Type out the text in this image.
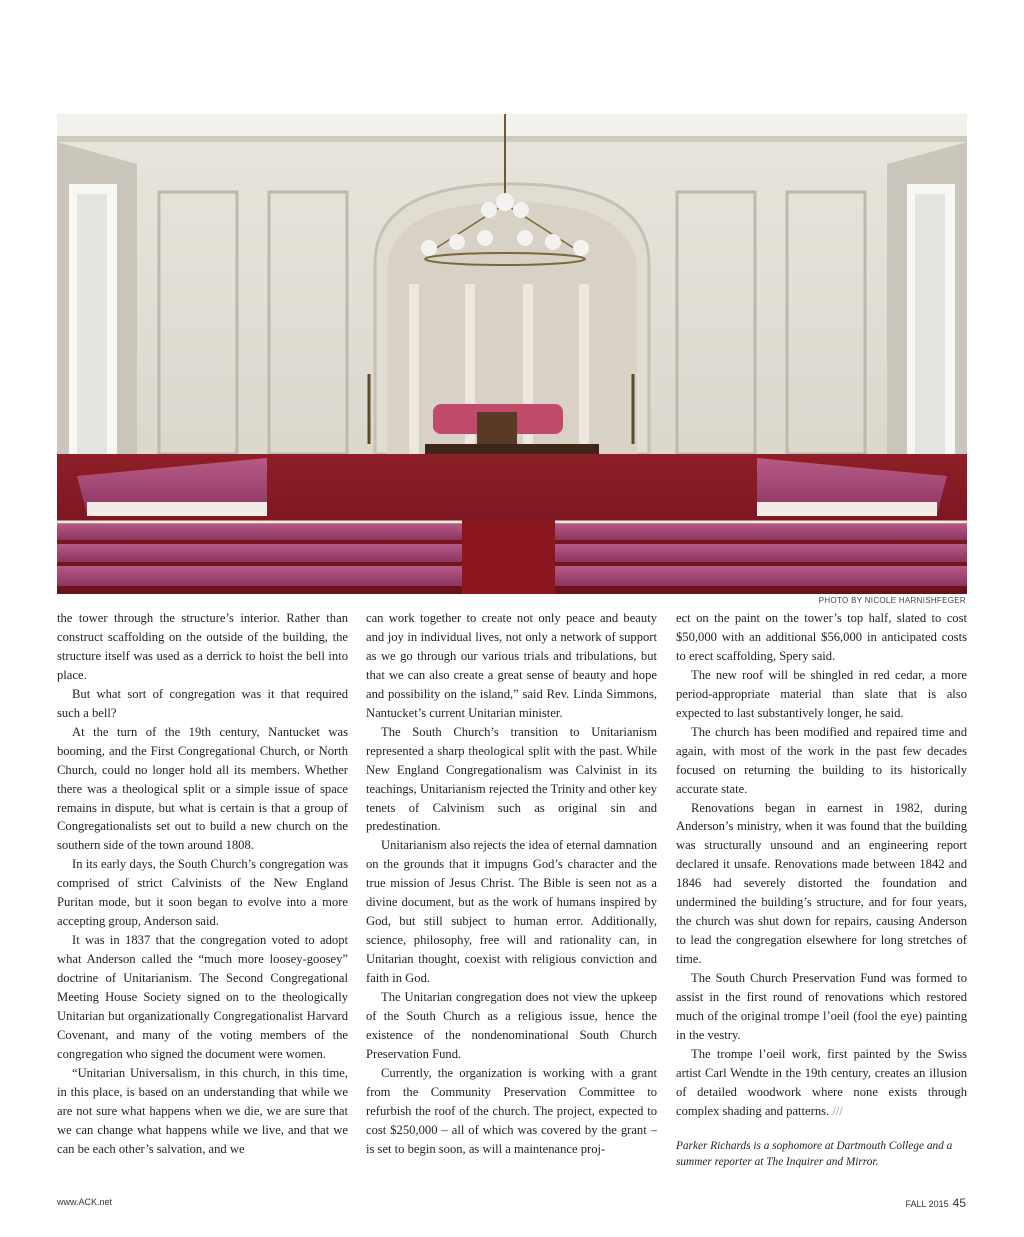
PHOTO BY NICOLE HARNISHFEGER

the tower through the structure’s interior. Rather than construct scaffolding on the outside of the building, the structure itself was used as a derrick to hoist the bell into place.

But what sort of congregation was it that required such a bell?

At the turn of the 19th century, Nantucket was booming, and the First Congregational Church, or North Church, could no longer hold all its members. Whether there was a theological split or a simple issue of space remains in dispute, but what is certain is that a group of Congregationalists set out to build a new church on the southern side of the town around 1808.

In its early days, the South Church’s congregation was comprised of strict Calvinists of the New England Puritan mode, but it soon began to evolve into a more accepting group, Anderson said.

It was in 1837 that the congregation voted to adopt what Anderson called the “much more loosey-goosey” doctrine of Unitarianism. The Second Congregational Meeting House Society signed on to the theologically Unitarian but organizationally Congregationalist Harvard Covenant, and many of the voting members of the congregation who signed the document were women.

“Unitarian Universalism, in this church, in this time, in this place, is based on an understanding that while we are not sure what happens when we die, we are sure that we can change what happens while we live, and that we can be each other’s salvation, and we

can work together to create not only peace and beauty and joy in individual lives, not only a network of support as we go through our various trials and tribulations, but that we can also create a great sense of beauty and hope and possibility on the island,” said Rev. Linda Simmons, Nantucket’s current Unitarian minister.

The South Church’s transition to Unitarianism represented a sharp theological split with the past. While New England Congregationalism was Calvinist in its teachings, Unitarianism rejected the Trinity and other key tenets of Calvinism such as original sin and predestination.

Unitarianism also rejects the idea of eternal damnation on the grounds that it impugns God’s character and the true mission of Jesus Christ. The Bible is seen not as a divine document, but as the work of humans inspired by God, but still subject to human error. Additionally, science, philosophy, free will and rationality can, in Unitarian thought, coexist with religious conviction and faith in God.

The Unitarian congregation does not view the upkeep of the South Church as a religious issue, hence the existence of the nondenominational South Church Preservation Fund.

Currently, the organization is working with a grant from the Community Preservation Committee to refurbish the roof of the church. The project, expected to cost $250,000 – all of which was covered by the grant – is set to begin soon, as will a maintenance proj-

ect on the paint on the tower’s top half, slated to cost $50,000 with an additional $56,000 in anticipated costs to erect scaffolding, Spery said.

The new roof will be shingled in red cedar, a more period-appropriate material than slate that is also expected to last substantively longer, he said.

The church has been modified and repaired time and again, with most of the work in the past few decades focused on returning the building to its historically accurate state.

Renovations began in earnest in 1982, during Anderson’s ministry, when it was found that the building was structurally unsound and an engineering report declared it unsafe. Renovations made between 1842 and 1846 had severely distorted the foundation and undermined the building’s structure, and for four years, the church was shut down for repairs, causing Anderson to lead the congregation elsewhere for long stretches of time.

The South Church Preservation Fund was formed to assist in the first round of renovations which restored much of the original trompe l’oeil (fool the eye) painting in the vestry.

The trompe l’oeil work, first painted by the Swiss artist Carl Wendte in the 19th century, creates an illusion of detailed woodwork where none exists through complex shading and patterns. ///

Parker Richards is a sophomore at Dartmouth College and a summer reporter at The Inquirer and Mirror.

www.ACK.net	FALL 2015 45
